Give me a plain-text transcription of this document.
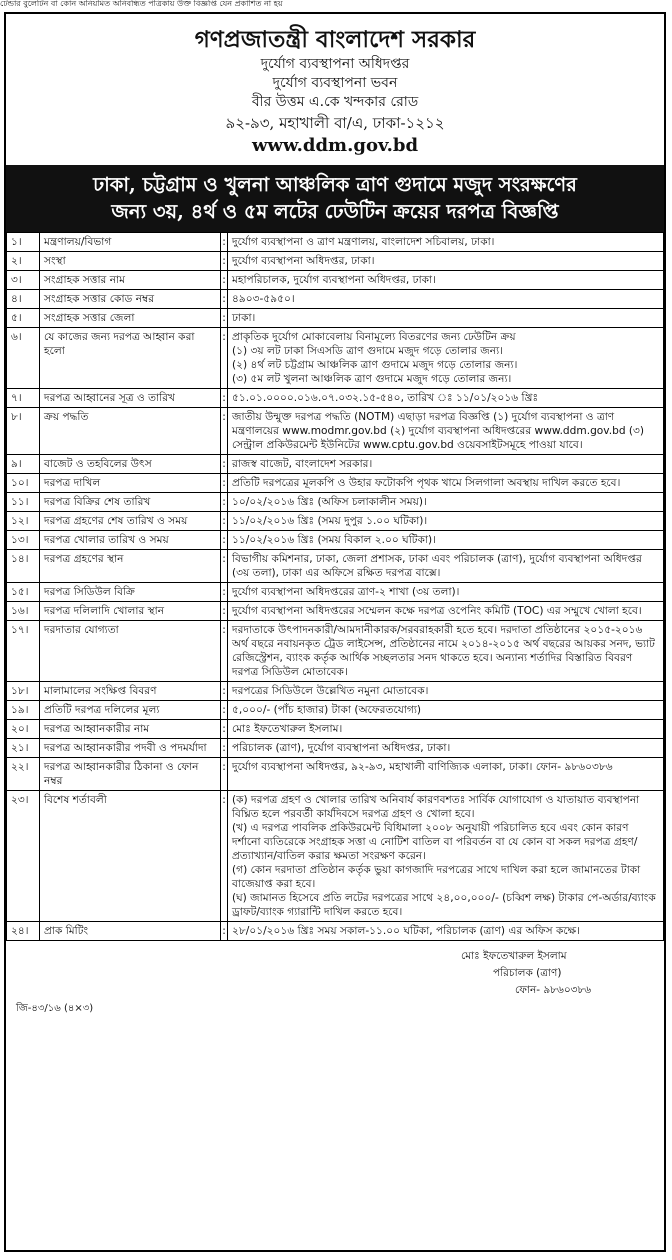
টেন্ডার বুলেটিন বা কোন অনিয়মিত অনিবন্ধিত পত্রিকায় উক্ত বিজ্ঞপ্তি যেন প্রকাশিত না হয়
গণপ্রজাতন্ত্রী বাংলাদেশ সরকার
দুর্যোগ ব্যবস্থাপনা অধিদপ্তর
দুর্যোগ ব্যবস্থাপনা ভবন
বীর উত্তম এ.কে খন্দকার রোড
৯২-৯৩, মহাখালী বা/এ, ঢাকা-১২১২
www.ddm.gov.bd
ঢাকা, চট্টগ্রাম ও খুলনা আঞ্চলিক ত্রাণ গুদামে মজুদ সংরক্ষণের
জন্য ৩য়, ৪র্থ ও ৫ম লটের ঢেউটিন ক্রয়ের দরপত্র বিজ্ঞপ্তি
১।	মন্ত্রণালয়/বিভাগ	:	দুর্যোগ ব্যবস্থাপনা ও ত্রাণ মন্ত্রণালয়, বাংলাদেশ সচিবালয়, ঢাকা।
২।	সংস্থা	:	দুর্যোগ ব্যবস্থাপনা অধিদপ্তর, ঢাকা।
৩।	সংগ্রাহক সত্তার নাম	:	মহাপরিচালক, দুর্যোগ ব্যবস্থাপনা অধিদপ্তর, ঢাকা।
৪।	সংগ্রাহক সত্তার কোড নম্বর	:	৪৯০৩-৫৯৫০।
৫।	সংগ্রাহক সত্তার জেলা	:	ঢাকা।
৬।	যে কাজের জন্য দরপত্র আহ্বান করা হলো	:	প্রাকৃতিক দুর্যোগ মোকাবেলায় বিনামূল্যে বিতরণের জন্য ঢেউটিন ক্রয়
(১) ৩য় লট ঢাকা সিএসডি ত্রাণ গুদামে মজুদ গড়ে তোলার জন্য।
(২) ৪র্থ লট চট্টগ্রাম আঞ্চলিক ত্রাণ গুদামে মজুদ গড়ে তোলার জন্য।
(৩) ৫ম লট খুলনা আঞ্চলিক ত্রাণ গুদামে মজুদ গড়ে তোলার জন্য।

৭।	দরপত্র আহ্বানের সূত্র ও তারিখ	:	৫১.০১.০০০০.০১৬.০৭.০৩২.১৫-৫৪০, তারিখ ঃ ১১/০১/২০১৬ খ্রিঃ
৮।	ক্রয় পদ্ধতি	:	জাতীয় উন্মুক্ত দরপত্র পদ্ধতি (NOTM) এছাড়া দরপত্র বিজ্ঞপ্তি (১) দুর্যোগ ব্যবস্থাপনা ও ত্রাণ মন্ত্রণালয়ের www.modmr.gov.bd (২) দুর্যোগ ব্যবস্থাপনা অধিদপ্তরের www.ddm.gov.bd (৩) সেন্ট্রাল প্রকিউরমেন্ট ইউনিটের www.cptu.gov.bd ওয়েবসাইটসমূহে পাওয়া যাবে।
৯।	বাজেট ও তহবিলের উৎস	:	রাজস্ব বাজেট, বাংলাদেশ সরকার।
১০।	দরপত্র দাখিল	:	প্রতিটি দরপত্রের মূলকপি ও উহার ফটোকপি পৃথক খামে সিলগালা অবস্থায় দাখিল করতে হবে।
১১।	দরপত্র বিক্রির শেষ তারিখ	:	১০/০২/২০১৬ খ্রিঃ (অফিস চলাকালীন সময়)।
১২।	দরপত্র গ্রহণের শেষ তারিখ ও সময়	:	১১/০২/২০১৬ খ্রিঃ (সময় দুপুর ১.০০ ঘটিকা)।
১৩।	দরপত্র খোলার তারিখ ও সময়	:	১১/০২/২০১৬ খ্রিঃ (সময় বিকাল ২.০০ ঘটিকা)।
১৪।	দরপত্র গ্রহণের স্থান	:	বিভাগীয় কমিশনার, ঢাকা, জেলা প্রশাসক, ঢাকা এবং পরিচালক (ত্রাণ), দুর্যোগ ব্যবস্থাপনা অধিদপ্তর (৩য় তলা), ঢাকা এর অফিসে রক্ষিত দরপত্র বাক্সে।
১৫।	দরপত্র সিডিউল বিক্রি	:	দুর্যোগ ব্যবস্থাপনা অধিদপ্তরের ত্রাণ-২ শাখা (৩য় তলা)।
১৬।	দরপত্র দলিলাদি খোলার স্থান	:	দুর্যোগ ব্যবস্থাপনা অধিদপ্তরের সম্মেলন কক্ষে দরপত্র ওপেনিং কমিটি (TOC) এর সম্মুখে খোলা হবে।
১৭।	দরদাতার যোগ্যতা	:	দরদাতাকে উৎপাদনকারী/আমদানীকারক/সরবরাহকারী হতে হবে। দরদাতা প্রতিষ্ঠানের ২০১৫-২০১৬ অর্থ বছরে নবায়নকৃত ট্রেড লাইসেন্স, প্রতিষ্ঠানের নামে ২০১৪-২০১৫ অর্থ বছরের আয়কর সনদ, ভ্যাট রেজিস্ট্রেশন, ব্যাংক কর্তৃক আর্থিক সচ্ছলতার সনদ থাকতে হবে। অন্যান্য শর্তাদির বিস্তারিত বিবরণ দরপত্র সিডিউল মোতাবেক।
১৮।	মালামালের সংক্ষিপ্ত বিবরণ	:	দরপত্রের সিডিউলে উল্লেখিত নমুনা মোতাবেক।
১৯।	প্রতিটি দরপত্র দলিলের মূল্য	:	৫,০০০/- (পাঁচ হাজার) টাকা (অফেরতযোগ্য)
২০।	দরপত্র আহ্বানকারীর নাম	:	মোঃ ইফতেখারুল ইসলাম।
২১।	দরপত্র আহ্বানকারীর পদবী ও পদমর্যাদা	:	পরিচালক (ত্রাণ), দুর্যোগ ব্যবস্থাপনা অধিদপ্তর, ঢাকা।
২২।	দরপত্র আহ্বানকারীর ঠিকানা ও ফোন নম্বর	:	দুর্যোগ ব্যবস্থাপনা অধিদপ্তর, ৯২-৯৩, মহাখালী বাণিজ্যিক এলাকা, ঢাকা। ফোন- ৯৮৬০৩৮৬
২৩।	বিশেষ শর্তাবলী	:	(ক) দরপত্র গ্রহণ ও খোলার তারিখ অনিবার্য কারণবশতঃ সার্বিক যোগাযোগ ও যাতায়াত ব্যবস্থাপনা বিঘ্নিত হলে পরবর্তী কার্যদিবসে দরপত্র গ্রহণ ও খোলা হবে।
(খ) এ দরপত্র পাবলিক প্রকিউরমেন্ট বিধিমালা ২০০৮ অনুযায়ী পরিচালিত হবে এবং কোন কারণ দর্শানো ব্যতিরেকে সংগ্রাহক সত্তা এ নোটিশ বাতিল বা পরিবর্তন বা যে কোন বা সকল দরপত্র গ্রহণ/প্রত্যাখ্যান/বাতিল করার ক্ষমতা সংরক্ষণ করেন।
(গ) কোন দরদাতা প্রতিষ্ঠান কর্তৃক ভুয়া কাগজাদি দরপত্রের সাথে দাখিল করা হলে জামানতের টাকা বাজেয়াপ্ত করা হবে।
(ঘ) জামানত হিসেবে প্রতি লটের দরপত্রের সাথে ২৪,০০,০০০/- (চব্বিশ লক্ষ) টাকার পে-অর্ডার/ব্যাংক ড্রাফট/ব্যাংক গ্যারান্টি দাখিল করতে হবে।

২৪।	প্রাক মিটিং	:	২৮/০১/২০১৬ খ্রিঃ সময় সকাল-১১.০০ ঘটিকা, পরিচালক (ত্রাণ) এর অফিস কক্ষে।
মোঃ ইফতেখারুল ইসলাম
পরিচালক (ত্রাণ)
ফোন- ৯৮৬০৩৮৬
জি-৪৩/১৬ (৪×৩)
